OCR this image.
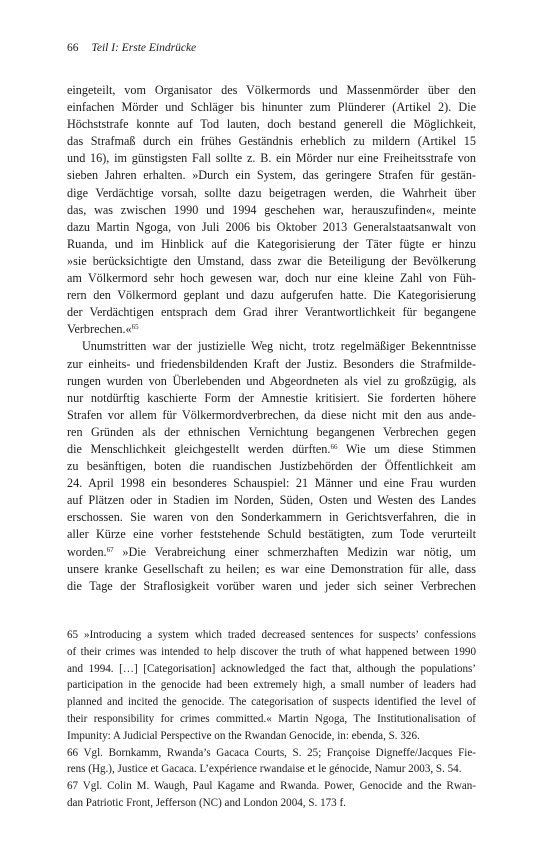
66 Teil I: Erste Eindrücke
eingeteilt, vom Organisator des Völkermords und Massenmörder über den
einfachen Mörder und Schläger bis hinunter zum Plünderer (Artikel 2). Die
Höchststrafe konnte auf Tod lauten, doch bestand generell die Möglichkeit,
das Strafmaß durch ein frühes Geständnis erheblich zu mildern (Artikel 15
und 16), im günstigsten Fall sollte z. B. ein Mörder nur eine Freiheitsstrafe von
sieben Jahren erhalten. »Durch ein System, das geringere Strafen für gestän-
dige Verdächtige vorsah, sollte dazu beigetragen werden, die Wahrheit über
das, was zwischen 1990 und 1994 geschehen war, herauszufinden«, meinte
dazu Martin Ngoga, von Juli 2006 bis Oktober 2013 Generalstaatsanwalt von
Ruanda, und im Hinblick auf die Kategorisierung der Täter fügte er hinzu
»sie berücksichtigte den Umstand, dass zwar die Beteiligung der Bevölkerung
am Völkermord sehr hoch gewesen war, doch nur eine kleine Zahl von Füh-
rern den Völkermord geplant und dazu aufgerufen hatte. Die Kategorisierung
der Verdächtigen entsprach dem Grad ihrer Verantwortlichkeit für begangene
Verbrechen.«$^{65}$
Unumstritten war der justizielle Weg nicht, trotz regelmäßiger Bekenntnisse
zur einheits- und friedensbildenden Kraft der Justiz. Besonders die Strafmilde-
rungen wurden von Überlebenden und Abgeordneten als viel zu großzügig, als
nur notdürftig kaschierte Form der Amnestie kritisiert. Sie forderten höhere
Strafen vor allem für Völkermordverbrechen, da diese nicht mit den aus ande-
ren Gründen als der ethnischen Vernichtung begangenen Verbrechen gegen
die Menschlichkeit gleichgestellt werden dürften.$^{66}$ Wie um diese Stimmen
zu besänftigen, boten die ruandischen Justizbehörden der Öffentlichkeit am
24. April 1998 ein besonderes Schauspiel: 21 Männer und eine Frau wurden
auf Plätzen oder in Stadien im Norden, Süden, Osten und Westen des Landes
erschossen. Sie waren von den Sonderkammern in Gerichtsverfahren, die in
aller Kürze eine vorher feststehende Schuld bestätigten, zum Tode verurteilt
worden.$^{67}$ »Die Verabreichung einer schmerzhaften Medizin war nötig, um
unsere kranke Gesellschaft zu heilen; es war eine Demonstration für alle, dass
die Tage der Straflosigkeit vorüber waren und jeder sich seiner Verbrechen
65 »Introducing a system which traded decreased sentences for suspects’ confessions
of their crimes was intended to help discover the truth of what happened between 1990
and 1994. […] [Categorisation] acknowledged the fact that, although the populations’
participation in the genocide had been extremely high, a small number of leaders had
planned and incited the genocide. The categorisation of suspects identified the level of
their responsibility for crimes committed.« Martin Ngoga, The Institutionalisation of
Impunity: A Judicial Perspective on the Rwandan Genocide, in: ebenda, S. 326.
66 Vgl. Bornkamm, Rwanda’s Gacaca Courts, S. 25; Françoise Digneffe/Jacques Fie-
rens (Hg.), Justice et Gacaca. L’expérience rwandaise et le génocide, Namur 2003, S. 54.
67 Vgl. Colin M. Waugh, Paul Kagame and Rwanda. Power, Genocide and the Rwan-
dan Patriotic Front, Jefferson (NC) and London 2004, S. 173 f.
